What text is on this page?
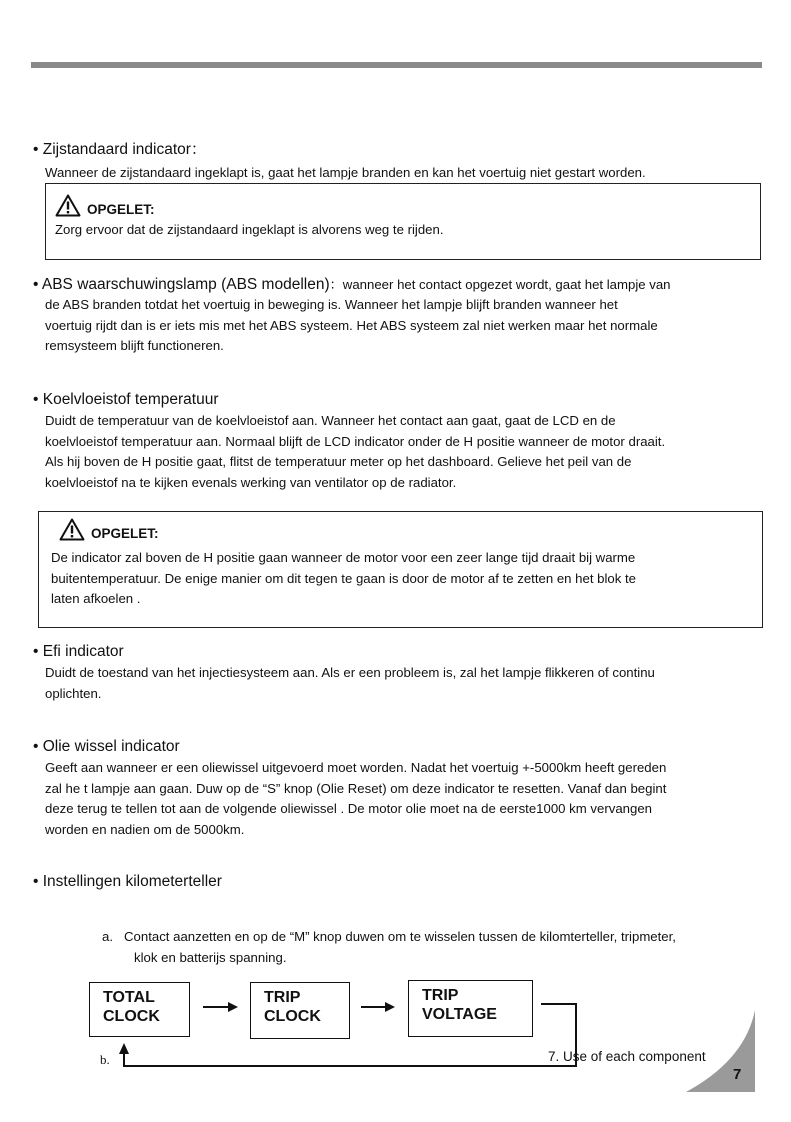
• Zijstandaard indicator：
Wanneer de zijstandaard ingeklapt is, gaat het lampje branden en kan het voertuig niet gestart worden.
OPGELET:
Zorg ervoor dat de zijstandaard ingeklapt is alvorens weg te rijden.
• ABS waarschuwingslamp (ABS modellen)：wanneer het contact opgezet wordt, gaat het lampje van
de ABS branden totdat het voertuig in beweging is. Wanneer het lampje blijft branden wanneer het
voertuig rijdt dan is er iets mis met het ABS systeem. Het ABS systeem zal niet werken maar het normale
remsysteem blijft functioneren.
• Koelvloeistof temperatuur
Duidt de temperatuur van de koelvloeistof aan. Wanneer het contact aan gaat, gaat de LCD en de
koelvloeistof temperatuur aan. Normaal blijft de LCD indicator onder de H positie wanneer de motor draait.
Als hij boven de H positie gaat, flitst de temperatuur meter op het dashboard. Gelieve het peil van de
koelvloeistof na te kijken evenals werking van ventilator op de radiator.
OPGELET:
De indicator zal boven de H positie gaan wanneer de motor voor een zeer lange tijd draait bij warme
buitentemperatuur. De enige manier om dit tegen te gaan is door de motor af te zetten en het blok te
laten afkoelen .
• Efi indicator
Duidt de toestand van het injectiesysteem aan. Als er een probleem is, zal het lampje flikkeren of continu
oplichten.
• Olie wissel indicator
Geeft aan wanneer er een oliewissel uitgevoerd moet worden. Nadat het voertuig +-5000km heeft gereden
zal he t lampje aan gaan. Duw op de “S” knop (Olie Reset) om deze indicator te resetten. Vanaf dan begint
deze terug te tellen tot aan de volgende oliewissel . De motor olie moet na de eerste1000 km vervangen
worden en nadien om de 5000km.
• Instellingen kilometerteller
a. Contact aanzetten en op de “M” knop duwen om te wisselen tussen de kilomterteller, tripmeter,
klok en batterijs spanning.
TOTAL
CLOCK
TRIP
CLOCK
TRIP
VOLTAGE
b.	7. Use of each component
7
